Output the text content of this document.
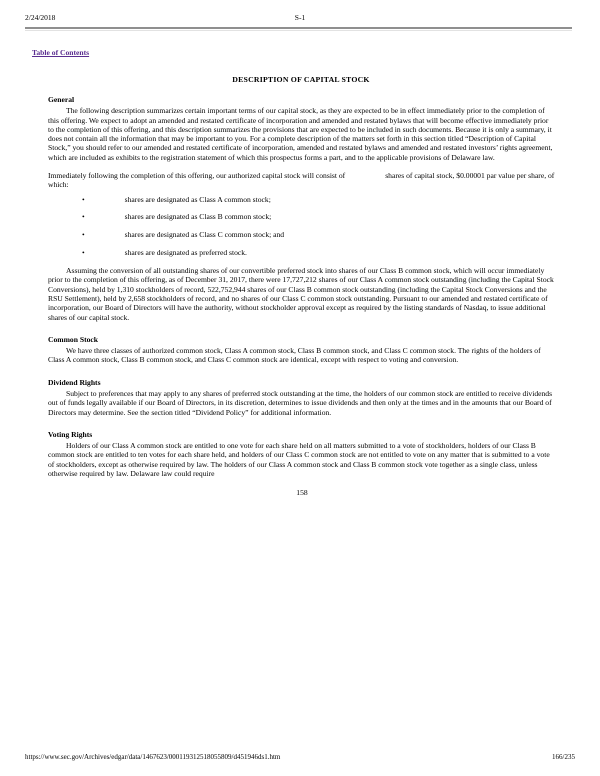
2/24/2018	S-1
Table of Contents
DESCRIPTION OF CAPITAL STOCK
General

The following description summarizes certain important terms of our capital stock, as they are expected to be in effect immediately prior to the completion of this offering. We expect to adopt an amended and restated certificate of incorporation and amended and restated bylaws that will become effective immediately prior to the completion of this offering, and this description summarizes the provisions that are expected to be included in such documents. Because it is only a summary, it does not contain all the information that may be important to you. For a complete description of the matters set forth in this section titled “Description of Capital Stock,” you should refer to our amended and restated certificate of incorporation, amended and restated bylaws and amended and restated investors’ rights agreement, which are included as exhibits to the registration statement of which this prospectus forms a part, and to the applicable provisions of Delaware law.

Immediately following the completion of this offering, our authorized capital stock will consist of	shares of capital stock, $0.00001 par value per share, of which:

•	shares are designated as Class A common stock;
•	shares are designated as Class B common stock;
•	shares are designated as Class C common stock; and
•	shares are designated as preferred stock.

Assuming the conversion of all outstanding shares of our convertible preferred stock into shares of our Class B common stock, which will occur immediately prior to the completion of this offering, as of December 31, 2017, there were 17,727,212 shares of our Class A common stock outstanding (including the Capital Stock Conversions), held by 1,310 stockholders of record, 522,752,944 shares of our Class B common stock outstanding (including the Capital Stock Conversions and the RSU Settlement), held by 2,658 stockholders of record, and no shares of our Class C common stock outstanding. Pursuant to our amended and restated certificate of incorporation, our Board of Directors will have the authority, without stockholder approval except as required by the listing standards of Nasdaq, to issue additional shares of our capital stock.

Common Stock

We have three classes of authorized common stock, Class A common stock, Class B common stock, and Class C common stock. The rights of the holders of Class A common stock, Class B common stock, and Class C common stock are identical, except with respect to voting and conversion.

Dividend Rights

Subject to preferences that may apply to any shares of preferred stock outstanding at the time, the holders of our common stock are entitled to receive dividends out of funds legally available if our Board of Directors, in its discretion, determines to issue dividends and then only at the times and in the amounts that our Board of Directors may determine. See the section titled “Dividend Policy” for additional information.

Voting Rights

Holders of our Class A common stock are entitled to one vote for each share held on all matters submitted to a vote of stockholders, holders of our Class B common stock are entitled to ten votes for each share held, and holders of our Class C common stock are not entitled to vote on any matter that is submitted to a vote of stockholders, except as otherwise required by law. The holders of our Class A common stock and Class B common stock vote together as a single class, unless otherwise required by law. Delaware law could require

158
https://www.sec.gov/Archives/edgar/data/1467623/000119312518055809/d451946ds1.htm	166/235
